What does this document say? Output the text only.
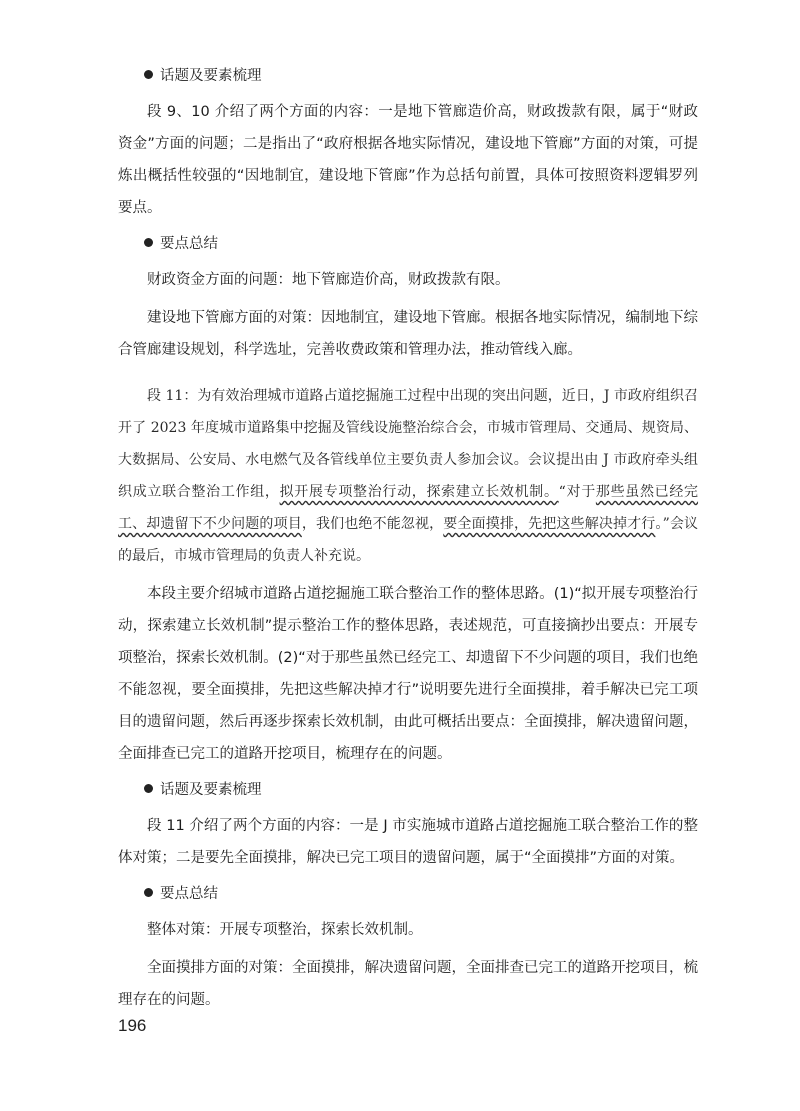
话题及要素梳理

段 9、10 介绍了两个方面的内容：一是地下管廊造价高，财政拨款有限，属于“财政资金”方面的问题；二是指出了“政府根据各地实际情况，建设地下管廊”方面的对策，可提炼出概括性较强的“因地制宜，建设地下管廊”作为总括句前置，具体可按照资料逻辑罗列要点。

要点总结

财政资金方面的问题：地下管廊造价高，财政拨款有限。

建设地下管廊方面的对策：因地制宜，建设地下管廊。根据各地实际情况，编制地下综合管廊建设规划，科学选址，完善收费政策和管理办法，推动管线入廊。

段 11：为有效治理城市道路占道挖掘施工过程中出现的突出问题，近日，J 市政府组织召开了 2023 年度城市道路集中挖掘及管线设施整治综合会，市城市管理局、交通局、规资局、大数据局、公安局、水电燃气及各管线单位主要负责人参加会议。会议提出由 J 市政府牵头组织成立联合整治工作组，拟开展专项整治行动，探索建立长效机制。“对于那些虽然已经完工、却遗留下不少问题的项目，我们也绝不能忽视，要全面摸排，先把这些解决掉才行。”会议的最后，市城市管理局的负责人补充说。

本段主要介绍城市道路占道挖掘施工联合整治工作的整体思路。(1)“拟开展专项整治行动，探索建立长效机制”提示整治工作的整体思路，表述规范，可直接摘抄出要点：开展专项整治，探索长效机制。(2)“对于那些虽然已经完工、却遗留下不少问题的项目，我们也绝不能忽视，要全面摸排，先把这些解决掉才行”说明要先进行全面摸排，着手解决已完工项目的遗留问题，然后再逐步探索长效机制，由此可概括出要点：全面摸排，解决遗留问题，全面排查已完工的道路开挖项目，梳理存在的问题。

话题及要素梳理

段 11 介绍了两个方面的内容：一是 J 市实施城市道路占道挖掘施工联合整治工作的整体对策；二是要先全面摸排，解决已完工项目的遗留问题，属于“全面摸排”方面的对策。

要点总结

整体对策：开展专项整治，探索长效机制。

全面摸排方面的对策：全面摸排，解决遗留问题，全面排查已完工的道路开挖项目，梳理存在的问题。

196
